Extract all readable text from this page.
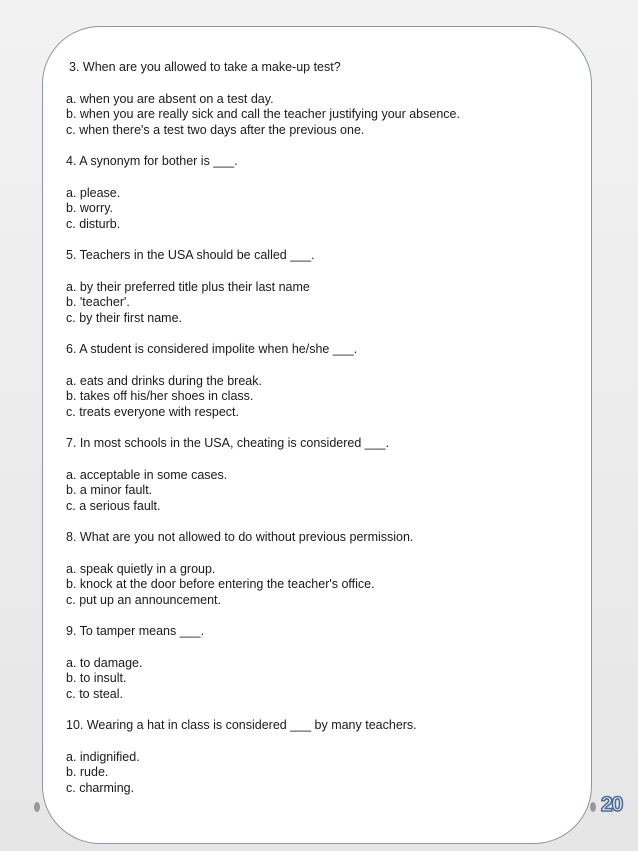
3. When are you allowed to take a make-up test?

a. when you are absent on a test day.

b. when you are really sick and call the teacher justifying your absence.

c. when there's a test two days after the previous one.

4. A synonym for bother is ___.

a. please.

b. worry.

c. disturb.

5. Teachers in the USA should be called ___.

a. by their preferred title plus their last name

b. 'teacher'.

c. by their first name.

6. A student is considered impolite when he/she ___.

a. eats and drinks during the break.

b. takes off his/her shoes in class.

c. treats everyone with respect.

7. In most schools in the USA, cheating is considered ___.

a. acceptable in some cases.

b. a minor fault.

c. a serious fault.

8. What are you not allowed to do without previous permission.

a. speak quietly in a group.

b. knock at the door before entering the teacher's office.

c. put up an announcement.

9. To tamper means ___.

a. to damage.

b. to insult.

c. to steal.

10. Wearing a hat in class is considered ___ by many teachers.

a. indignified.

b. rude.

c. charming.

20
